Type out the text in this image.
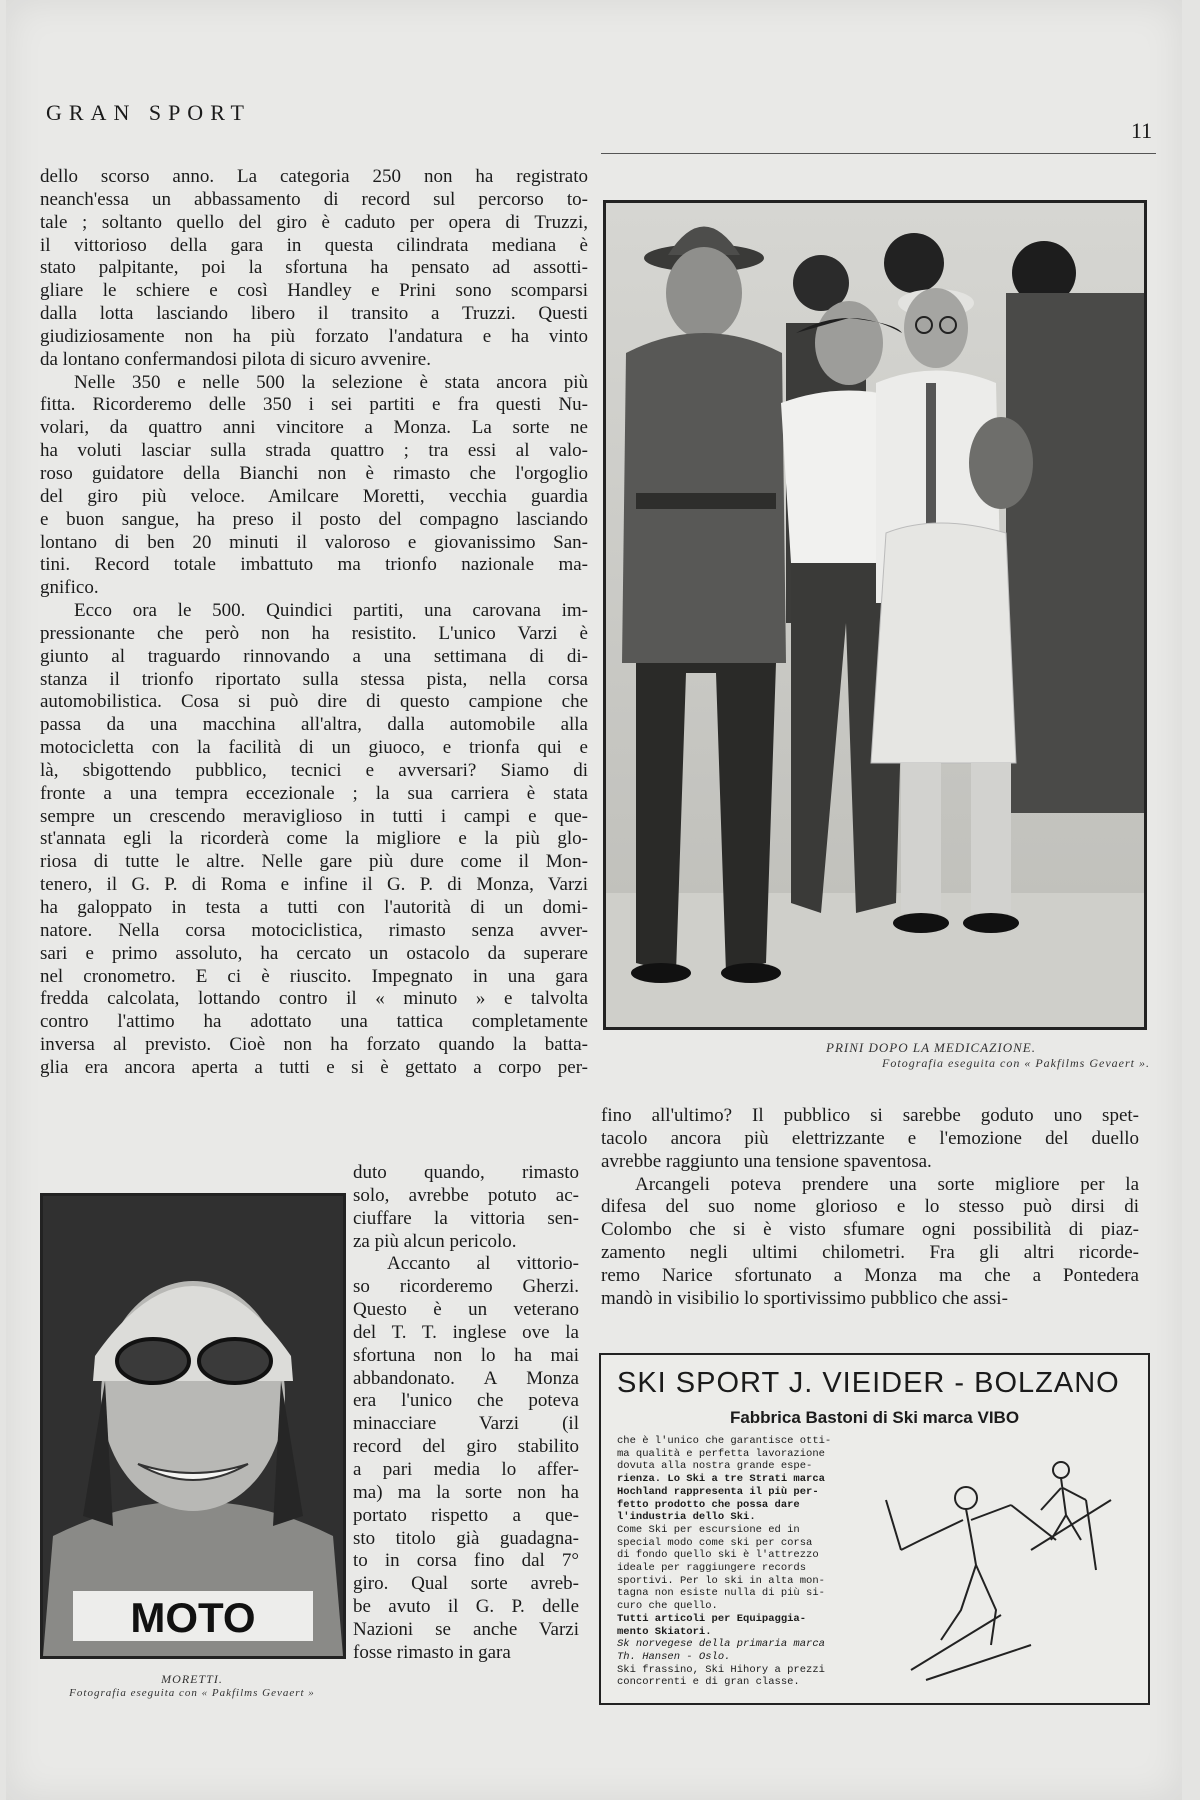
GRAN SPORT
11
dello scorso anno. La categoria 250 non ha registrato
neanch'essa un abbassamento di record sul percorso to-
tale ; soltanto quello del giro è caduto per opera di Truzzi,
il vittorioso della gara in questa cilindrata mediana è
stato palpitante, poi la sfortuna ha pensato ad assotti-
gliare le schiere e così Handley e Prini sono scomparsi
dalla lotta lasciando libero il transito a Truzzi. Questi
giudiziosamente non ha più forzato l'andatura e ha vinto
da lontano confermandosi pilota di sicuro avvenire.
Nelle 350 e nelle 500 la selezione è stata ancora più
fitta. Ricorderemo delle 350 i sei partiti e fra questi Nu-
volari, da quattro anni vincitore a Monza. La sorte ne
ha voluti lasciar sulla strada quattro ; tra essi al valo-
roso guidatore della Bianchi non è rimasto che l'orgoglio
del giro più veloce. Amilcare Moretti, vecchia guardia
e buon sangue, ha preso il posto del compagno lasciando
lontano di ben 20 minuti il valoroso e giovanissimo San-
tini. Record totale imbattuto ma trionfo nazionale ma-
gnifico.
Ecco ora le 500. Quindici partiti, una carovana im-
pressionante che però non ha resistito. L'unico Varzi è
giunto al traguardo rinnovando a una settimana di di-
stanza il trionfo riportato sulla stessa pista, nella corsa
automobilistica. Cosa si può dire di questo campione che
passa da una macchina all'altra, dalla automobile alla
motocicletta con la facilità di un giuoco, e trionfa qui e
là, sbigottendo pubblico, tecnici e avversari? Siamo di
fronte a una tempra eccezionale ; la sua carriera è stata
sempre un crescendo meraviglioso in tutti i campi e que-
st'annata egli la ricorderà come la migliore e la più glo-
riosa di tutte le altre. Nelle gare più dure come il Mon-
tenero, il G. P. di Roma e infine il G. P. di Monza, Varzi
ha galoppato in testa a tutti con l'autorità di un domi-
natore. Nella corsa motociclistica, rimasto senza avver-
sari e primo assoluto, ha cercato un ostacolo da superare
nel cronometro. E ci è riuscito. Impegnato in una gara
fredda calcolata, lottando contro il « minuto » e talvolta
contro l'attimo ha adottato una tattica completamente
inversa al previsto. Cioè non ha forzato quando la batta-
glia era ancora aperta a tutti e si è gettato a corpo per-
duto quando, rimasto
solo, avrebbe potuto ac-
ciuffare la vittoria sen-
za più alcun pericolo.
Accanto al vittorio-
so ricorderemo Gherzi.
Questo è un veterano
del T. T. inglese ove la
sfortuna non lo ha mai
abbandonato. A Monza
era l'unico che poteva
minacciare Varzi (il
record del giro stabilito
a pari media lo affer-
ma) ma la sorte non ha
portato rispetto a que-
sto titolo già guadagna-
to in corsa fino dal 7°
giro. Qual sorte avreb-
be avuto il G. P. delle
Nazioni se anche Varzi
fosse rimasto in gara
fino all'ultimo? Il pubblico si sarebbe goduto uno spet-
tacolo ancora più elettrizzante e l'emozione del duello
avrebbe raggiunto una tensione spaventosa.
Arcangeli poteva prendere una sorte migliore per la
difesa del suo nome glorioso e lo stesso può dirsi di
Colombo che si è visto sfumare ogni possibilità di piaz-
zamento negli ultimi chilometri. Fra gli altri ricorde-
remo Narice sfortunato a Monza ma che a Pontedera
mandò in visibilio lo sportivissimo pubblico che assi-
PRINI DOPO LA MEDICAZIONE.
Fotografia eseguita con « Pakfilms Gevaert ».
MOTO
MORETTI.
Fotografia eseguita con « Pakfilms Gevaert »
SKI SPORT J. VIEIDER - BOLZANO
Fabbrica Bastoni di Ski marca VIBO
che è l'unico che garantisce otti-
ma qualità e perfetta lavorazione
dovuta alla nostra grande espe-
rienza. Lo Ski a tre Strati marca
Hochland rappresenta il più per-
fetto prodotto che possa dare
l'industria dello Ski.
Come Ski per escursione ed in
special modo come ski per corsa
di fondo quello ski è l'attrezzo
ideale per raggiungere records
sportivi. Per lo ski in alta mon-
tagna non esiste nulla di più si-
curo che quello.
Tutti articoli per Equipaggia-
mento Skiatori.
Sk norvegese della primaria marca
Th. Hansen - Oslo.
Ski frassino, Ski Hihory a prezzi
concorrenti e di gran classe.
